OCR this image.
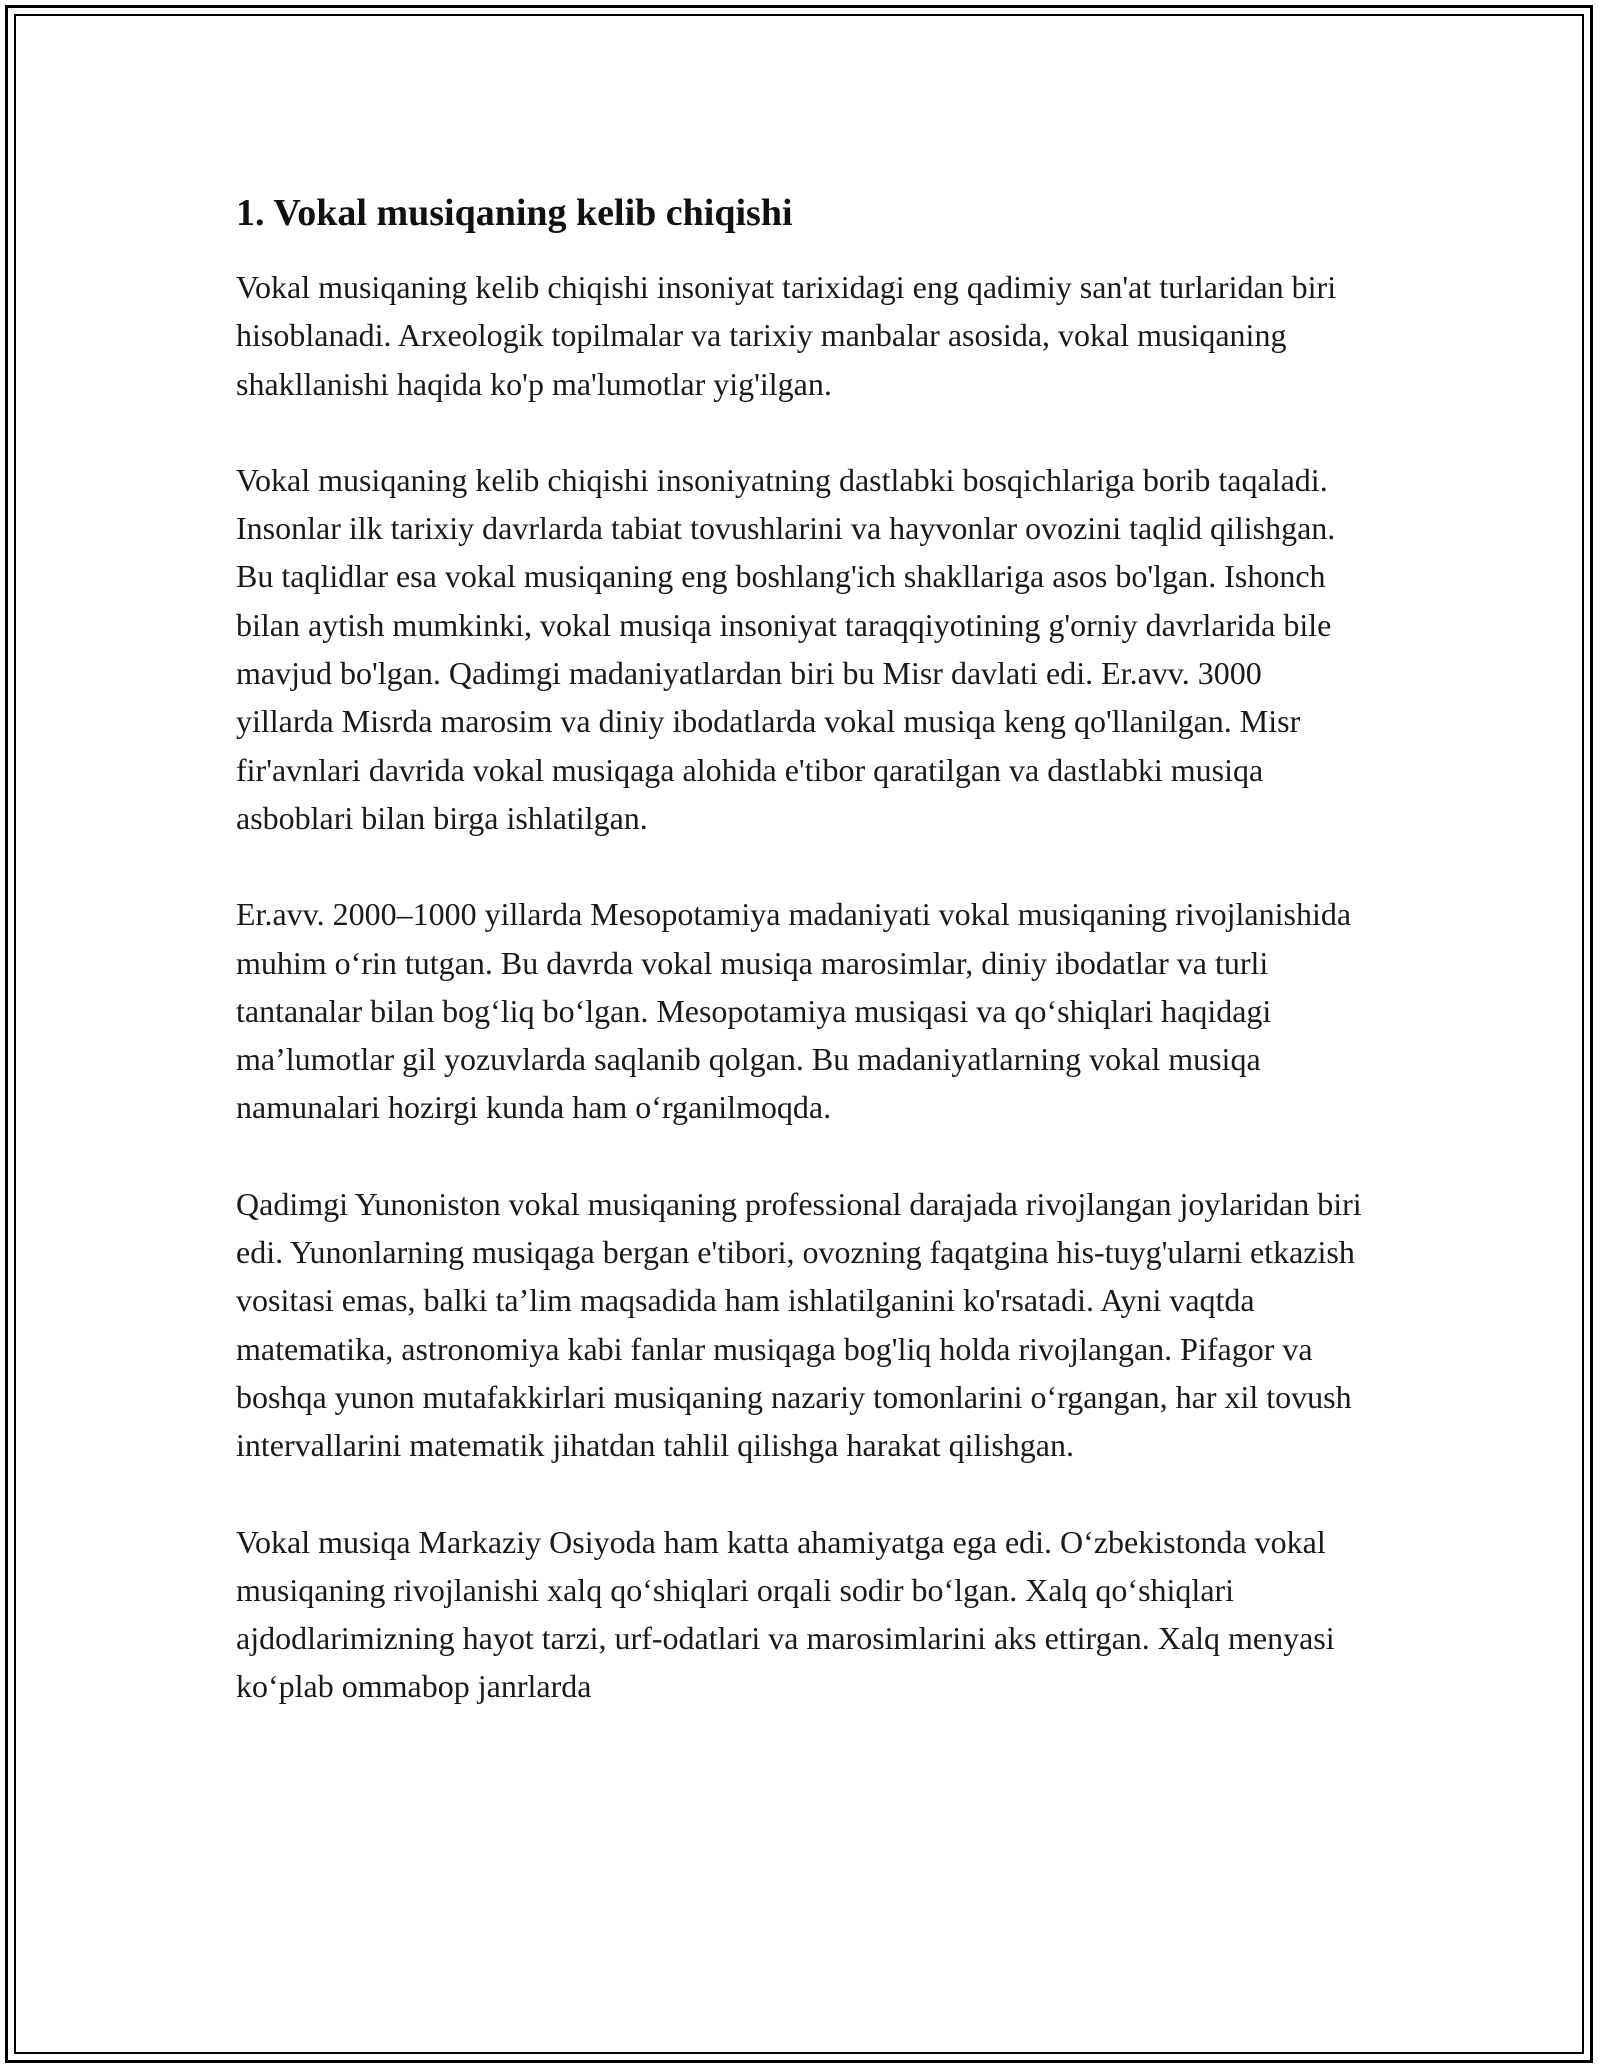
1. Vokal musiqaning kelib chiqishi

Vokal musiqaning kelib chiqishi insoniyat tarixidagi eng qadimiy san'at turlaridan biri hisoblanadi. Arxeologik topilmalar va tarixiy manbalar asosida, vokal musiqaning shakllanishi haqida ko'p ma'lumotlar yig'ilgan.

Vokal musiqaning kelib chiqishi insoniyatning dastlabki bosqichlariga borib taqaladi. Insonlar ilk tarixiy davrlarda tabiat tovushlarini va hayvonlar ovozini taqlid qilishgan. Bu taqlidlar esa vokal musiqaning eng boshlang'ich shakllariga asos bo'lgan. Ishonch bilan aytish mumkinki, vokal musiqa insoniyat taraqqiyotining g'orniy davrlarida bile mavjud bo'lgan. Qadimgi madaniyatlardan biri bu Misr davlati edi. Er.avv. 3000 yillarda Misrda marosim va diniy ibodatlarda vokal musiqa keng qo'llanilgan. Misr fir'avnlari davrida vokal musiqaga alohida e'tibor qaratilgan va dastlabki musiqa asboblari bilan birga ishlatilgan.

Er.avv. 2000–1000 yillarda Mesopotamiya madaniyati vokal musiqaning rivojlanishida muhim o‘rin tutgan. Bu davrda vokal musiqa marosimlar, diniy ibodatlar va turli tantanalar bilan bog‘liq bo‘lgan. Mesopotamiya musiqasi va qo‘shiqlari haqidagi ma’lumotlar gil yozuvlarda saqlanib qolgan. Bu madaniyatlarning vokal musiqa namunalari hozirgi kunda ham o‘rganilmoqda.

Qadimgi Yunoniston vokal musiqaning professional darajada rivojlangan joylaridan biri edi. Yunonlarning musiqaga bergan e'tibori, ovozning faqatgina his-tuyg'ularni etkazish vositasi emas, balki ta’lim maqsadida ham ishlatilganini ko'rsatadi. Ayni vaqtda matematika, astronomiya kabi fanlar musiqaga bog'liq holda rivojlangan. Pifagor va boshqa yunon mutafakkirlari musiqaning nazariy tomonlarini o‘rgangan, har xil tovush intervallarini matematik jihatdan tahlil qilishga harakat qilishgan.

Vokal musiqa Markaziy Osiyoda ham katta ahamiyatga ega edi. O‘zbekistonda vokal musiqaning rivojlanishi xalq qo‘shiqlari orqali sodir bo‘lgan. Xalq qo‘shiqlari ajdodlarimizning hayot tarzi, urf-odatlari va marosimlarini aks ettirgan. Xalq menyasi ko‘plab ommabop janrlarda
